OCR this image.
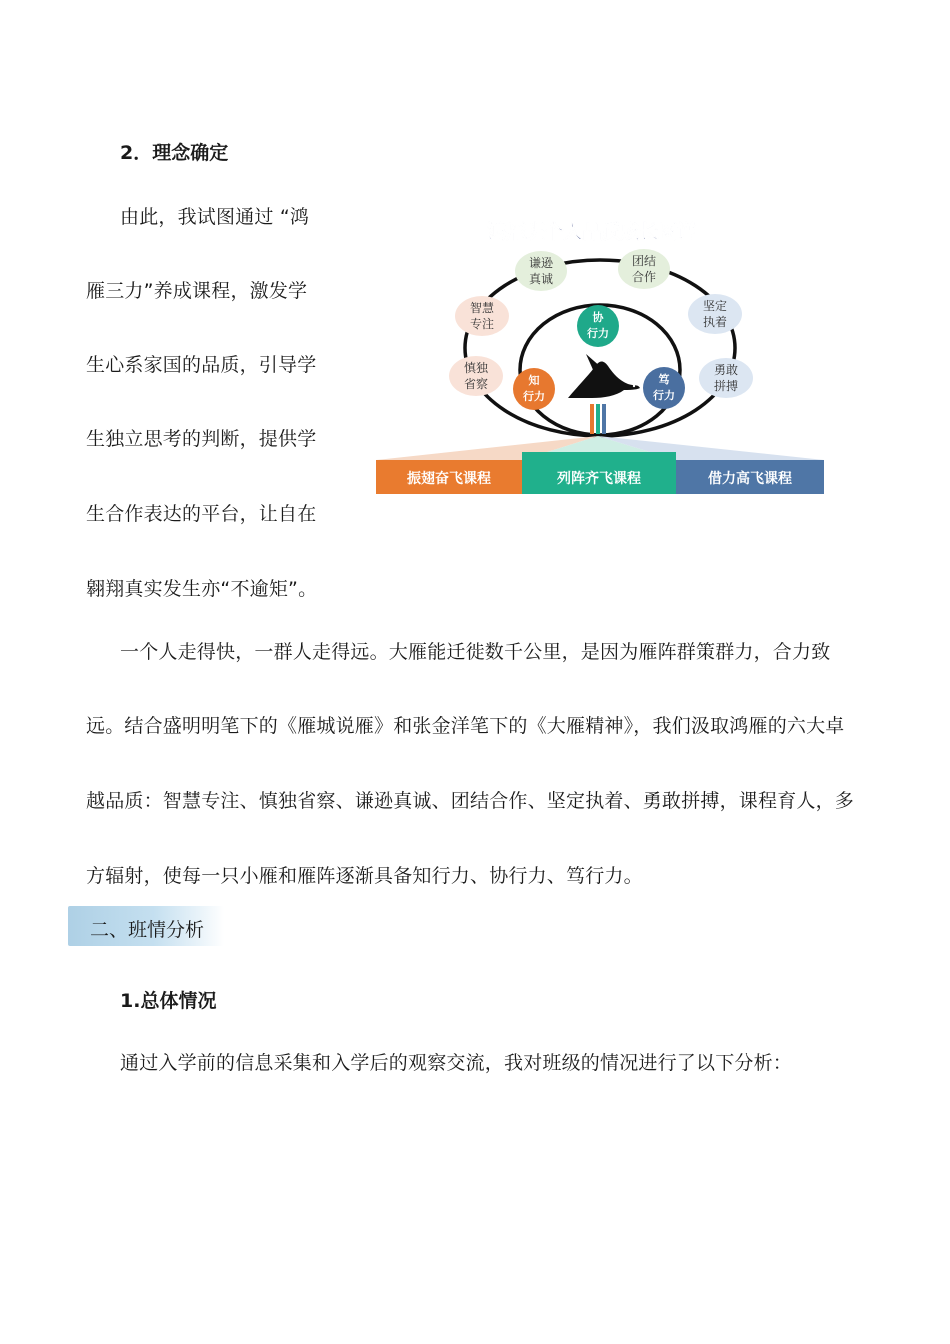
2．理念确定
由此，我试图通过 “鸿
雁三力”养成课程，激发学
生心系家国的品质，引导学
生独立思考的判断，提供学
生合作表达的平台，让自在
翱翔真实发生亦“不逾矩”。
鸿雁班个人品质成长图谱
谦逊
真诚
团结
合作
智慧
专注
坚定
执着
慎独
省察
勇敢
拼搏
协
行力
知
行力
笃
行力
振翅奋飞课程	列阵齐飞课程	借力高飞课程
一个人走得快，一群人走得远。大雁能迁徙数千公里，是因为雁阵群策群力，合力致
远。结合盛明明笔下的《雁城说雁》和张金洋笔下的《大雁精神》，我们汲取鸿雁的六大卓
越品质：智慧专注、慎独省察、谦逊真诚、团结合作、坚定执着、勇敢拼搏，课程育人，多
方辐射，使每一只小雁和雁阵逐渐具备知行力、协行力、笃行力。
二、班情分析
1.总体情况
通过入学前的信息采集和入学后的观察交流，我对班级的情况进行了以下分析：
